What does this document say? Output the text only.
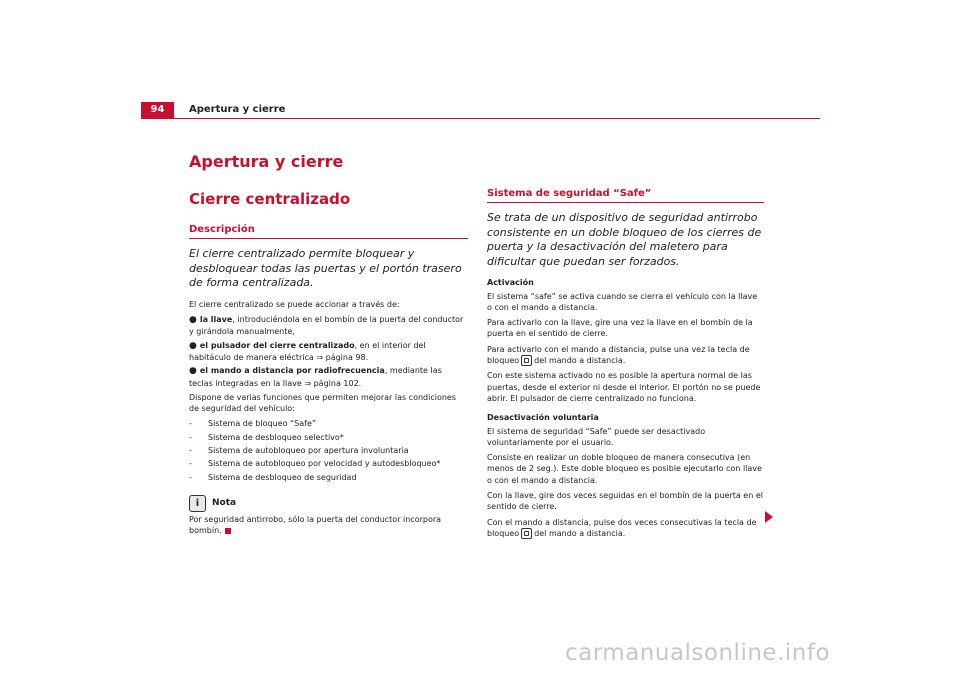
94	Apertura y cierre
Apertura y cierre
Cierre centralizado
Descripción
El cierre centralizado permite bloquear y desbloquear todas las puertas y el portón trasero de forma centralizada.

El cierre centralizado se puede accionar a través de:

● la llave, introduciéndola en el bombín de la puerta del conductor y girándola manualmente,
● el pulsador del cierre centralizado, en el interior del habitáculo de manera eléctrica ⇒ página 98.
● el mando a distancia por radiofrecuencia, mediante las teclas integradas en la llave ⇒ página 102.

Dispone de varias funciones que permiten mejorar las condiciones de seguridad del vehículo:

-	Sistema de bloqueo “Safe”
-	Sistema de desbloqueo selectivo*
-	Sistema de autobloqueo por apertura involuntaria
-	Sistema de autobloqueo por velocidad y autodesbloqueo*
-	Sistema de desbloqueo de seguridad
i	Nota

Por seguridad antirrobo, sólo la puerta del conductor incorpora bombín.

Sistema de seguridad “Safe”
Se trata de un dispositivo de seguridad antirrobo consistente en un doble bloqueo de los cierres de puerta y la desactivación del maletero para dificultar que puedan ser forzados.
Activación

El sistema “safe” se activa cuando se cierra el vehículo con la llave o con el mando a distancia.

Para activarlo con la llave, gire una vez la llave en el bombín de la puerta en el sentido de cierre.

Para activarlo con el mando a distancia, pulse una vez la tecla de bloqueo del mando a distancia.

Con este sistema activado no es posible la apertura normal de las puertas, desde el exterior ni desde el interior. El portón no se puede abrir. El pulsador de cierre centralizado no funciona.

Desactivación voluntaria

El sistema de seguridad “Safe” puede ser desactivado voluntariamente por el usuario.

Consiste en realizar un doble bloqueo de manera consecutiva (en menos de 2 seg.). Este doble bloqueo es posible ejecutarlo con llave o con el mando a distancia.

Con la llave, gire dos veces seguidas en el bombín de la puerta en el sentido de cierre.

Con el mando a distancia, pulse dos veces consecutivas la tecla de bloqueo del mando a distancia.

carmanualsonline.info
